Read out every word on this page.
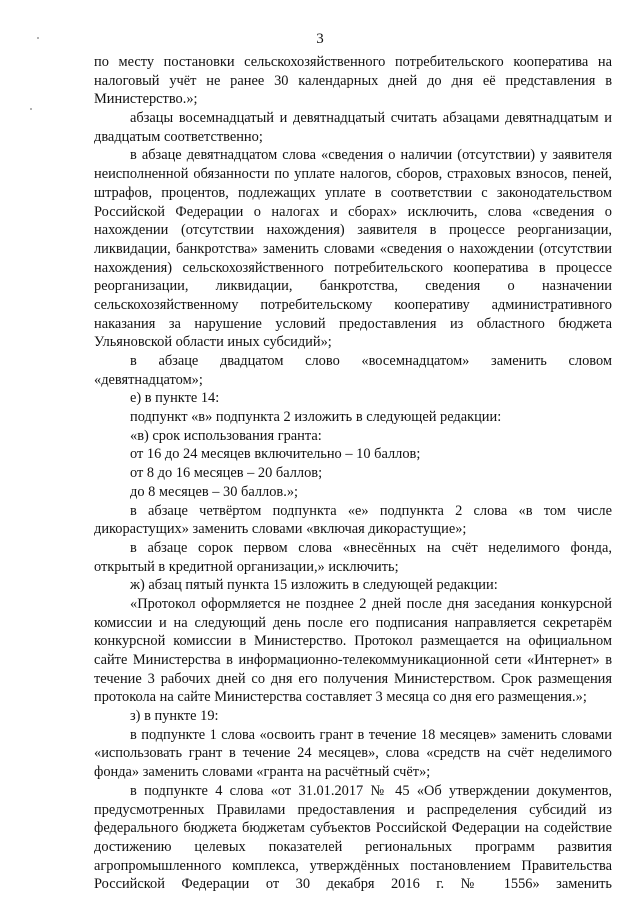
3

по месту постановки сельскохозяйственного потребительского кооператива на налоговый учёт не ранее 30 календарных дней до дня её представления в Министерство.»;

абзацы восемнадцатый и девятнадцатый считать абзацами девятнадцатым и двадцатым соответственно;

в абзаце девятнадцатом слова «сведения о наличии (отсутствии) у заявителя неисполненной обязанности по уплате налогов, сборов, страховых взносов, пеней, штрафов, процентов, подлежащих уплате в соответствии с законодательством Российской Федерации о налогах и сборах» исключить, слова «сведения о нахождении (отсутствии нахождения) заявителя в процессе реорганизации, ликвидации, банкротства» заменить словами «сведения о нахождении (отсутствии нахождения) сельскохозяйственного потребительского кооператива в процессе реорганизации, ликвидации, банкротства, сведения о назначении сельскохозяйственному потребительскому кооперативу административного наказания за нарушение условий предоставления из областного бюджета Ульяновской области иных субсидий»;

в абзаце двадцатом слово «восемнадцатом» заменить словом «девятнадцатом»;

е) в пункте 14:

подпункт «в» подпункта 2 изложить в следующей редакции:

«в) срок использования гранта:

от 16 до 24 месяцев включительно – 10 баллов;

от 8 до 16 месяцев – 20 баллов;

до 8 месяцев – 30 баллов.»;

в абзаце четвёртом подпункта «е» подпункта 2 слова «в том числе дикорастущих» заменить словами «включая дикорастущие»;

в абзаце сорок первом слова «внесённых на счёт неделимого фонда, открытый в кредитной организации,» исключить;

ж) абзац пятый пункта 15 изложить в следующей редакции:

«Протокол оформляется не позднее 2 дней после дня заседания конкурсной комиссии и на следующий день после его подписания направляется секретарём конкурсной комиссии в Министерство. Протокол размещается на официальном сайте Министерства в информационно-телекоммуникационной сети «Интернет» в течение 3 рабочих дней со дня его получения Министерством. Срок размещения протокола на сайте Министерства составляет 3 месяца со дня его размещения.»;

з) в пункте 19:

в подпункте 1 слова «освоить грант в течение 18 месяцев» заменить словами «использовать грант в течение 24 месяцев», слова «средств на счёт неделимого фонда» заменить словами «гранта на расчётный счёт»;

в подпункте 4 слова «от 31.01.2017 № 45 «Об утверждении документов, предусмотренных Правилами предоставления и распределения субсидий из федерального бюджета бюджетам субъектов Российской Федерации на содействие достижению целевых показателей региональных программ развития агропромышленного комплекса, утверждённых постановлением Правительства Российской Федерации от 30 декабря 2016 г. № 1556» заменить
